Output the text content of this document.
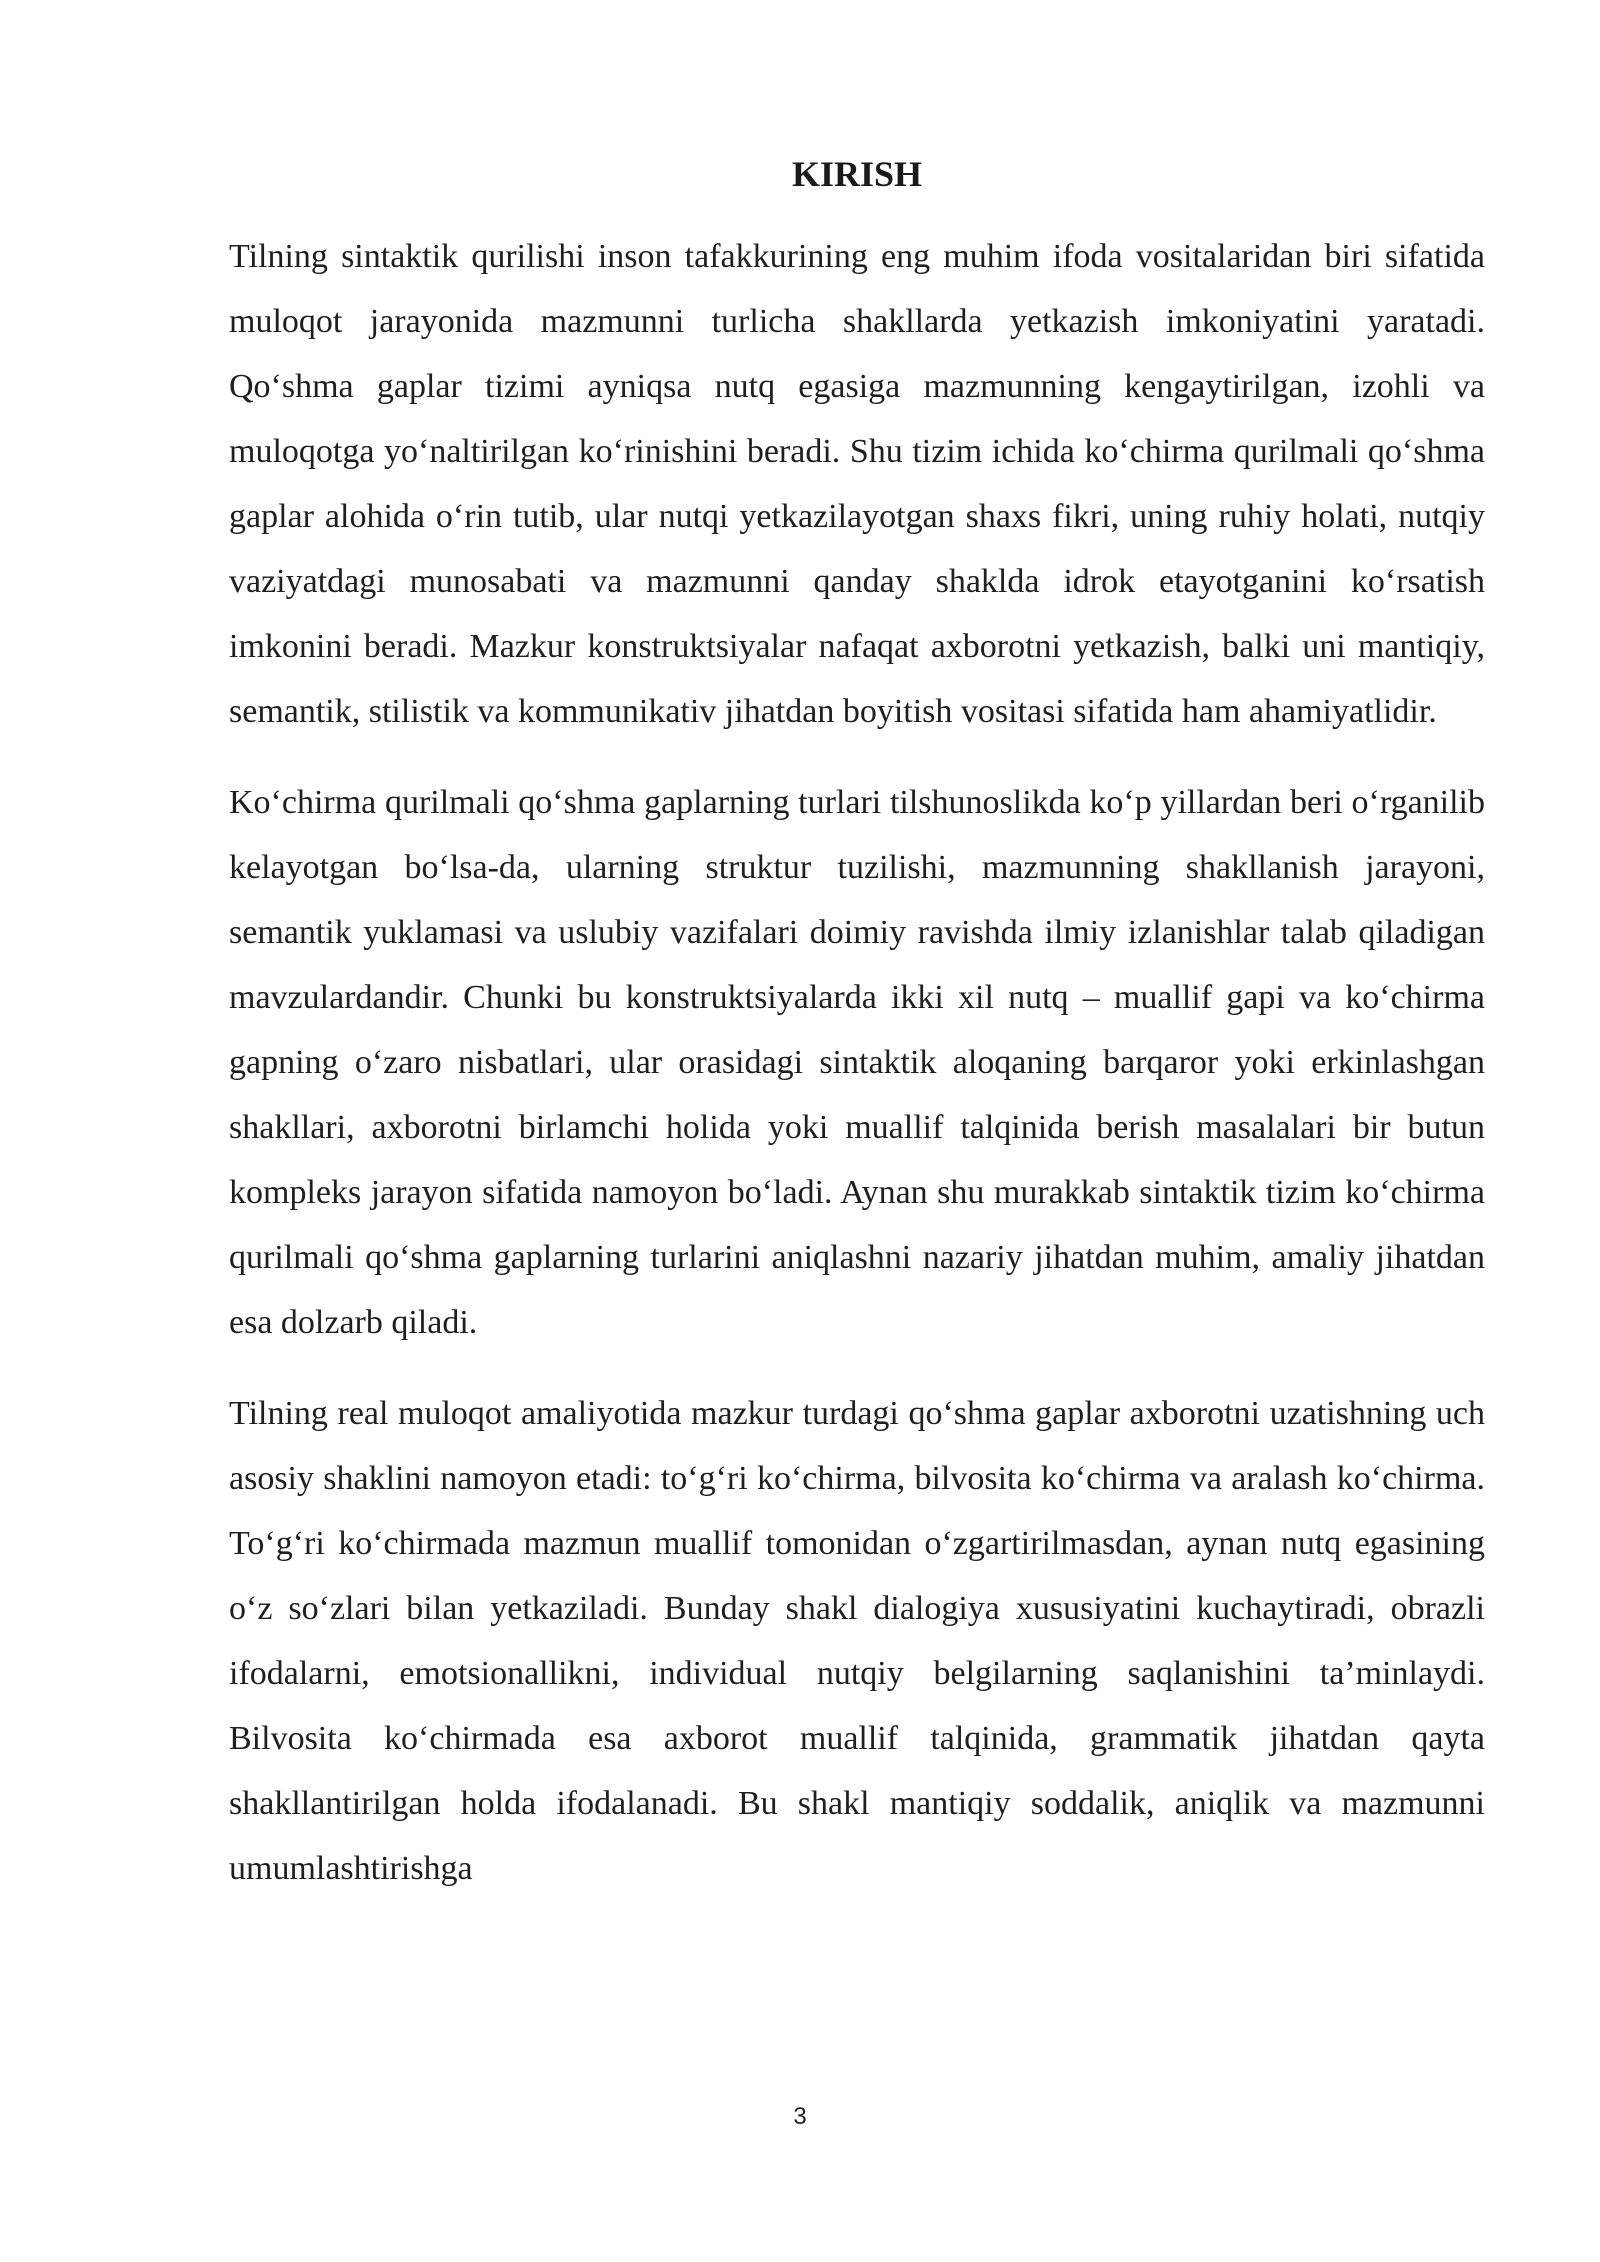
KIRISH

Tilning sintaktik qurilishi inson tafakkurining eng muhim ifoda vositalaridan biri sifatida muloqot jarayonida mazmunni turlicha shakllarda yetkazish imkoniyatini yaratadi. Qo‘shma gaplar tizimi ayniqsa nutq egasiga mazmunning kengaytirilgan, izohli va muloqotga yo‘naltirilgan ko‘rinishini beradi. Shu tizim ichida ko‘chirma qurilmali qo‘shma gaplar alohida o‘rin tutib, ular nutqi yetkazilayotgan shaxs fikri, uning ruhiy holati, nutqiy vaziyatdagi munosabati va mazmunni qanday shaklda idrok etayotganini ko‘rsatish imkonini beradi. Mazkur konstruktsiyalar nafaqat axborotni yetkazish, balki uni mantiqiy, semantik, stilistik va kommunikativ jihatdan boyitish vositasi sifatida ham ahamiyatlidir.

Ko‘chirma qurilmali qo‘shma gaplarning turlari tilshunoslikda ko‘p yillardan beri o‘rganilib kelayotgan bo‘lsa-da, ularning struktur tuzilishi, mazmunning shakllanish jarayoni, semantik yuklamasi va uslubiy vazifalari doimiy ravishda ilmiy izlanishlar talab qiladigan mavzulardandir. Chunki bu konstruktsiyalarda ikki xil nutq – muallif gapi va ko‘chirma gapning o‘zaro nisbatlari, ular orasidagi sintaktik aloqaning barqaror yoki erkinlashgan shakllari, axborotni birlamchi holida yoki muallif talqinida berish masalalari bir butun kompleks jarayon sifatida namoyon bo‘ladi. Aynan shu murakkab sintaktik tizim ko‘chirma qurilmali qo‘shma gaplarning turlarini aniqlashni nazariy jihatdan muhim, amaliy jihatdan esa dolzarb qiladi.

Tilning real muloqot amaliyotida mazkur turdagi qo‘shma gaplar axborotni uzatishning uch asosiy shaklini namoyon etadi: to‘g‘ri ko‘chirma, bilvosita ko‘chirma va aralash ko‘chirma. To‘g‘ri ko‘chirmada mazmun muallif tomonidan o‘zgartirilmasdan, aynan nutq egasining o‘z so‘zlari bilan yetkaziladi. Bunday shakl dialogiya xususiyatini kuchaytiradi, obrazli ifodalarni, emotsionallikni, individual nutqiy belgilarning saqlanishini ta’minlaydi. Bilvosita ko‘chirmada esa axborot muallif talqinida, grammatik jihatdan qayta shakllantirilgan holda ifodalanadi. Bu shakl mantiqiy soddalik, aniqlik va mazmunni umumlashtirishga

3
